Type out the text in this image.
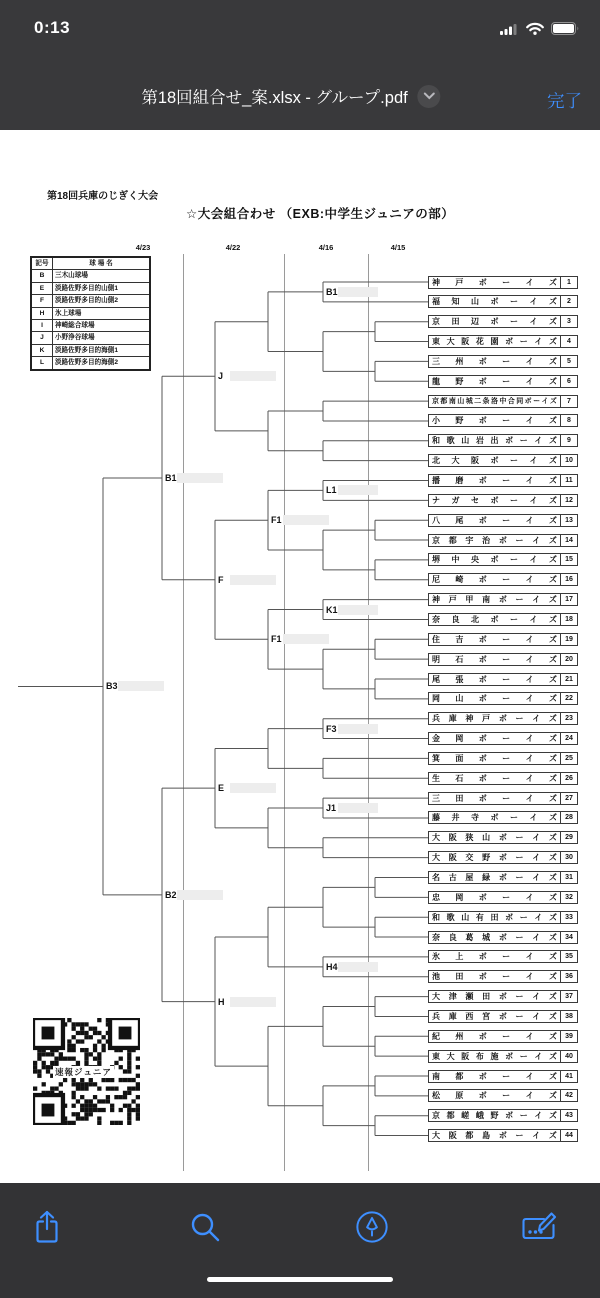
0:13
第18回組合せ_案.xlsx - グループ.pdf	完了
第18回兵庫のじぎく大会
☆大会組合わせ （EXB:中学生ジュニアの部）
4/23	4/22	4/16	4/15
記号	球 場 名
B	三木山球場
E	淡路佐野多目的山側1
F	淡路佐野多目的山側2
H	氷上球場
I	神崎総合球場
J	小野浄谷球場
K	淡路佐野多目的海側1
L	淡路佐野多目的海側2
神 戸 ボ ー イ ズ	1
福 知 山 ボ ー イ ズ	2
京 田 辺 ボ ー イ ズ	3
東 大 阪 花 園 ボ ー イ ズ	4
三 州 ボ ー イ ズ	5
龍 野 ボ ー イ ズ	6
京 都 南 山 城 二 条 洛 中 合 同 ボ ー イ ズ	7
小 野 ボ ー イ ズ	8
和 歌 山 岩 出 ボ ー イ ズ	9
北 大 阪 ボ ー イ ズ	10
播 磨 ボ ー イ ズ	11
ナ ガ セ ボ ー イ ズ	12
八 尾 ボ ー イ ズ	13
京 都 宇 治 ボ ー イ ズ	14
堺 中 央 ボ ー イ ズ	15
尼 崎 ボ ー イ ズ	16
神 戸 甲 南 ボ ー イ ズ	17
奈 良 北 ボ ー イ ズ	18
住 吉 ボ ー イ ズ	19
明 石 ボ ー イ ズ	20
尾 張 ボ ー イ ズ	21
岡 山 ボ ー イ ズ	22
兵 庫 神 戸 ボ ー イ ズ	23
金 岡 ボ ー イ ズ	24
箕 面 ボ ー イ ズ	25
生 石 ボ ー イ ズ	26
三 田 ボ ー イ ズ	27
藤 井 寺 ボ ー イ ズ	28
大 阪 狭 山 ボ ー イ ズ	29
大 阪 交 野 ボ ー イ ズ	30
名 古 屋 緑 ボ ー イ ズ	31
忠 岡 ボ ー イ ズ	32
和 歌 山 有 田 ボ ー イ ズ	33
奈 良 葛 城 ボ ー イ ズ	34
氷 上 ボ ー イ ズ	35
池 田 ボ ー イ ズ	36
大 津 瀬 田 ボ ー イ ズ	37
兵 庫 西 宮 ボ ー イ ズ	38
紀 州 ボ ー イ ズ	39
東 大 阪 布 施 ボ ー イ ズ	40
南 都 ボ ー イ ズ	41
松 原 ボ ー イ ズ	42
京 都 嵯 峨 野 ボ ー イ ズ	43
大 阪 都 島 ボ ー イ ズ	44
B1
J
L1
F1
K1
F1
F
B1
F3
J1
E
H4
H
B2
B3
速報ジュニア
